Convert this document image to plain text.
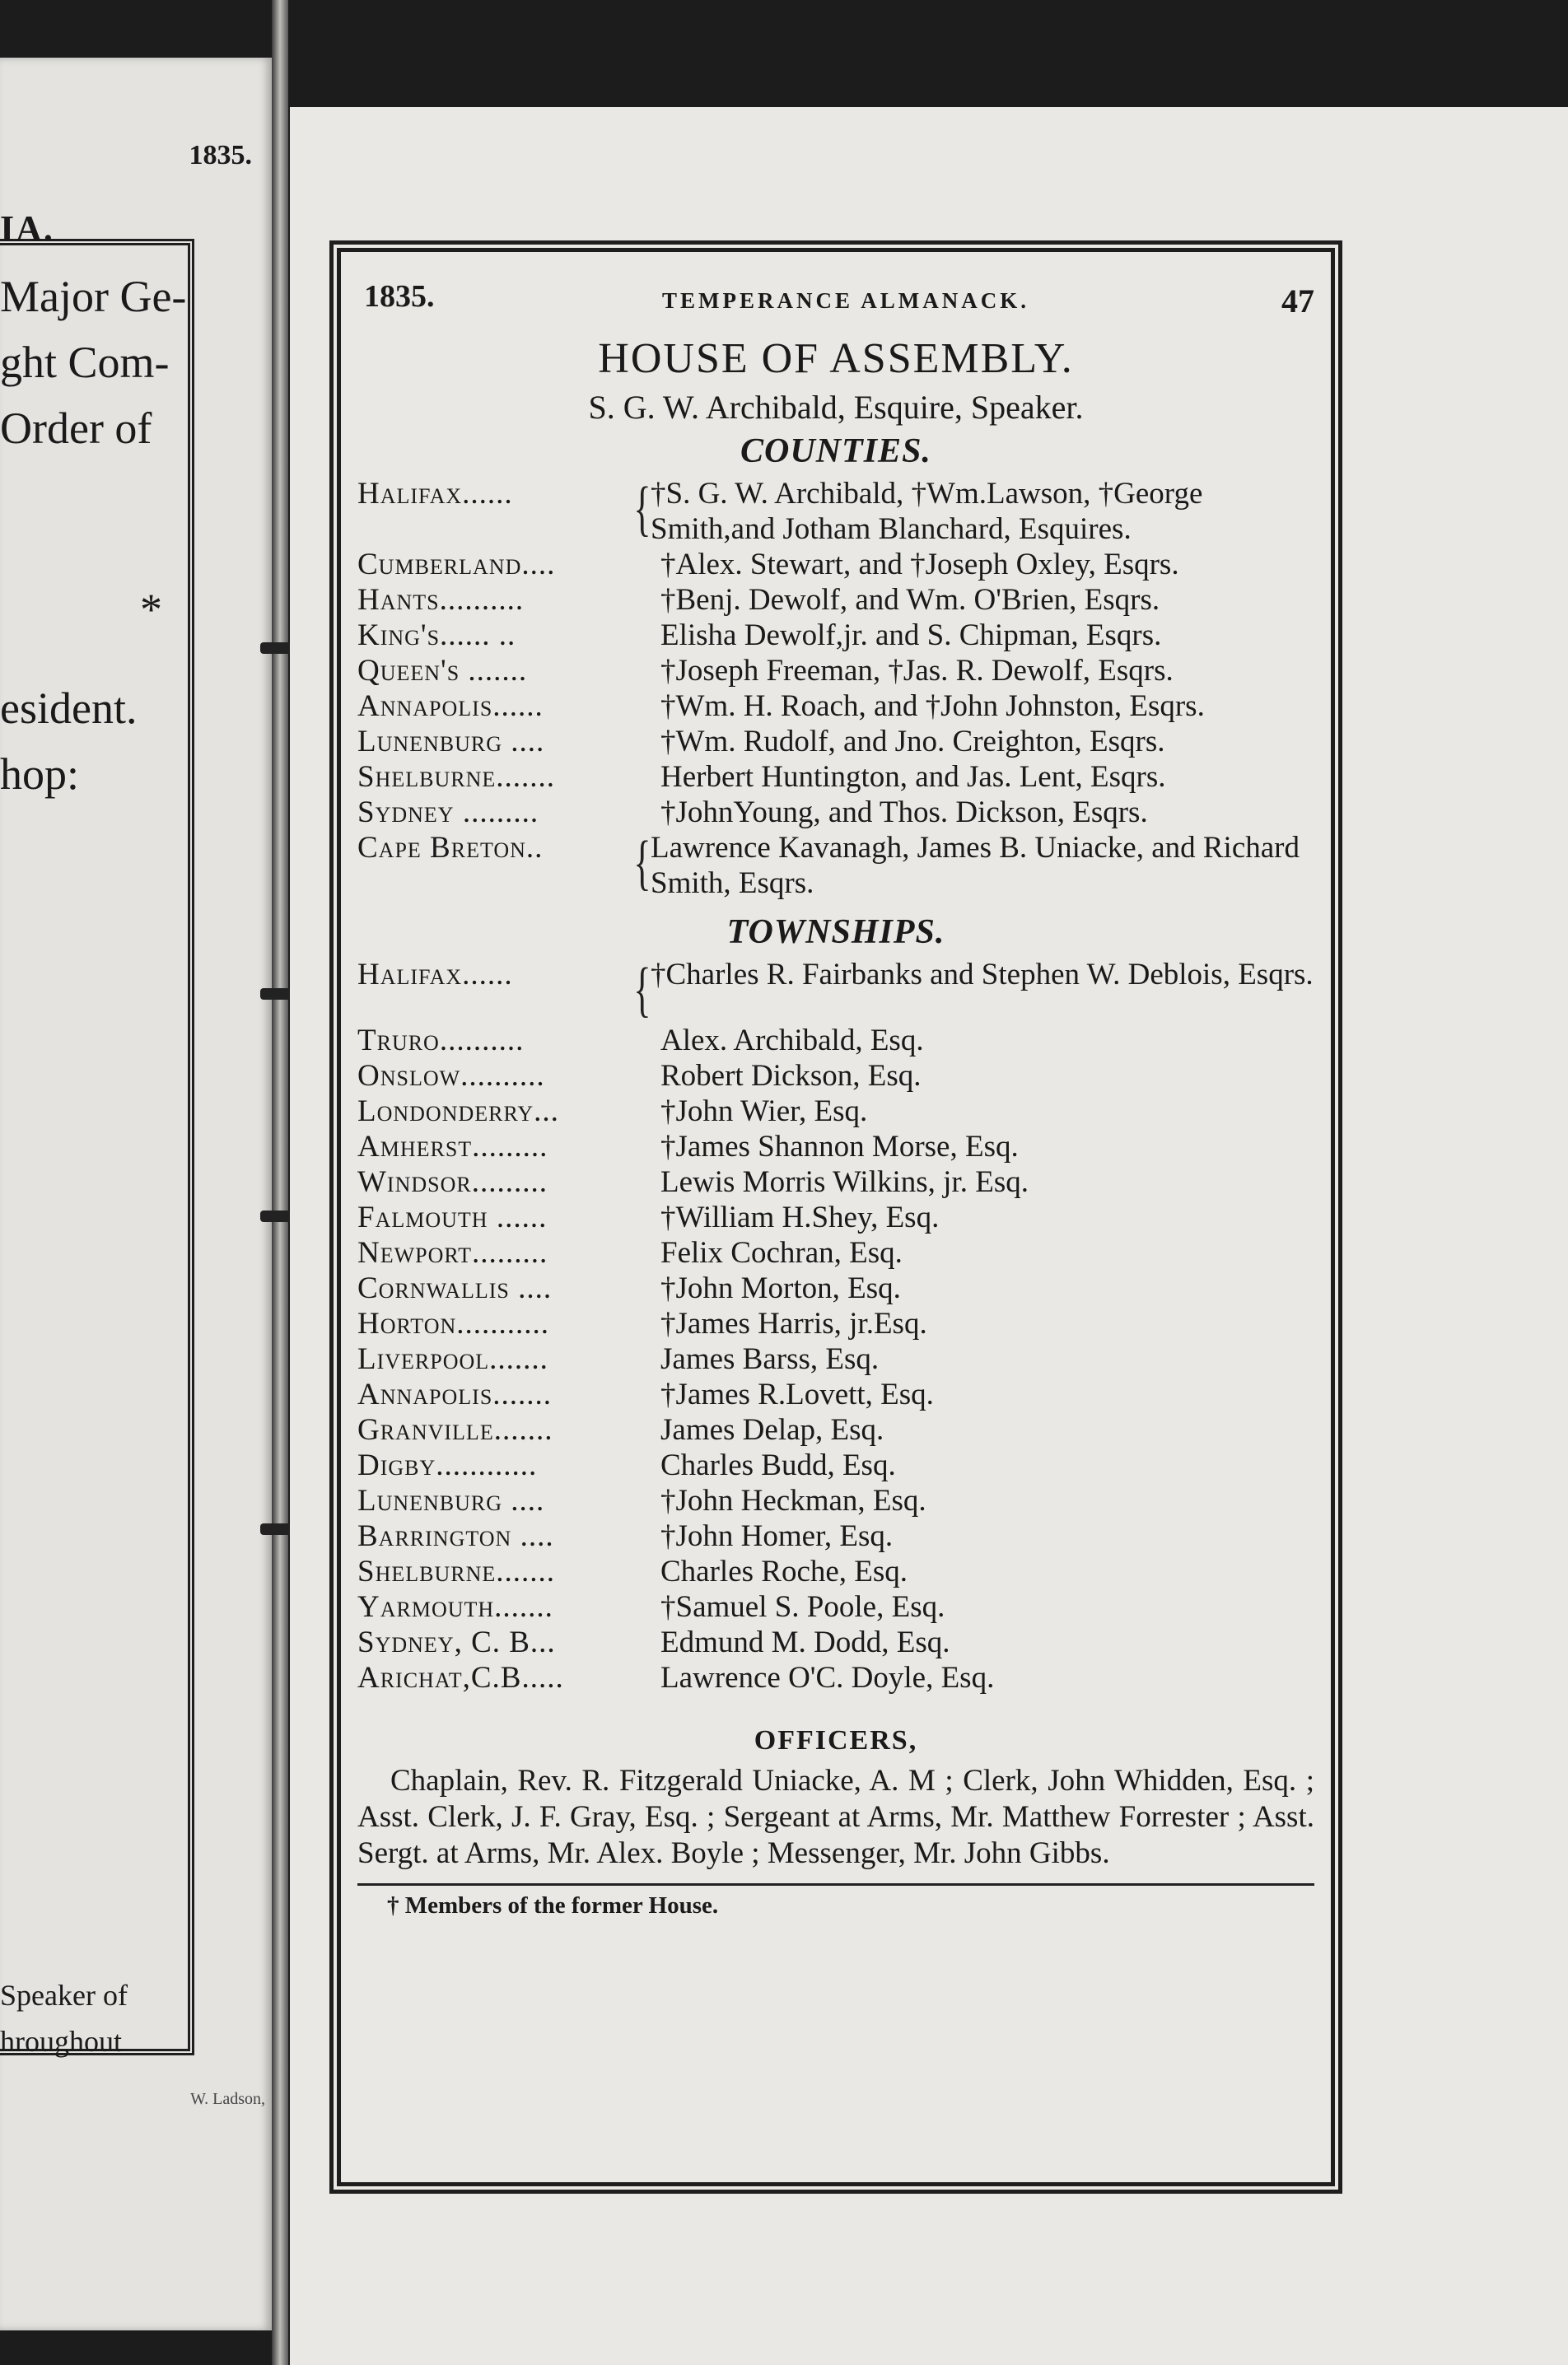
1835.
IA.
Major Ge-
ght Com-
Order of
*
esident.
hop:
Speaker of
hroughout
W. Ladson,
1835.	TEMPERANCE ALMANACK.	47
HOUSE OF ASSEMBLY.
S. G. W. Archibald, Esquire, Speaker.
COUNTIES.
Halifax......	{ †S. G. W. Archibald, †Wm.Lawson, †George Smith,and Jotham Blanchard, Esquires.
Cumberland....	†Alex. Stewart, and †Joseph Oxley, Esqrs.
Hants..........	†Benj. Dewolf, and Wm. O'Brien, Esqrs.
King's...... ..	Elisha Dewolf,jr. and S. Chipman, Esqrs.
Queen's .......	†Joseph Freeman, †Jas. R. Dewolf, Esqrs.
Annapolis......	†Wm. H. Roach, and †John Johnston, Esqrs.
Lunenburg ....	†Wm. Rudolf, and Jno. Creighton, Esqrs.
Shelburne.......	Herbert Huntington, and Jas. Lent, Esqrs.
Sydney .........	†JohnYoung, and Thos. Dickson, Esqrs.
Cape Breton..	{ Lawrence Kavanagh, James B. Uniacke, and Richard Smith, Esqrs.
TOWNSHIPS.
Halifax......	{ †Charles R. Fairbanks and Stephen W. Deblois, Esqrs.
Truro..........	Alex. Archibald, Esq.
Onslow..........	Robert Dickson, Esq.
Londonderry...	†John Wier, Esq.
Amherst.........	†James Shannon Morse, Esq.
Windsor.........	Lewis Morris Wilkins, jr. Esq.
Falmouth ......	†William H.Shey, Esq.
Newport.........	Felix Cochran, Esq.
Cornwallis ....	†John Morton, Esq.
Horton...........	†James Harris, jr.Esq.
Liverpool.......	James Barss, Esq.
Annapolis.......	†James R.Lovett, Esq.
Granville.......	James Delap, Esq.
Digby............	Charles Budd, Esq.
Lunenburg ....	†John Heckman, Esq.
Barrington ....	†John Homer, Esq.
Shelburne.......	Charles Roche, Esq.
Yarmouth.......	†Samuel S. Poole, Esq.
Sydney, C. B...	Edmund M. Dodd, Esq.
Arichat,C.B.....	Lawrence O'C. Doyle, Esq.
OFFICERS,
Chaplain, Rev. R. Fitzgerald Uniacke, A. M ; Clerk, John Whidden, Esq. ; Asst. Clerk, J. F. Gray, Esq. ; Sergeant at Arms, Mr. Matthew Forrester ; Asst. Sergt. at Arms, Mr. Alex. Boyle ; Messenger, Mr. John Gibbs.
† Members of the former House.
